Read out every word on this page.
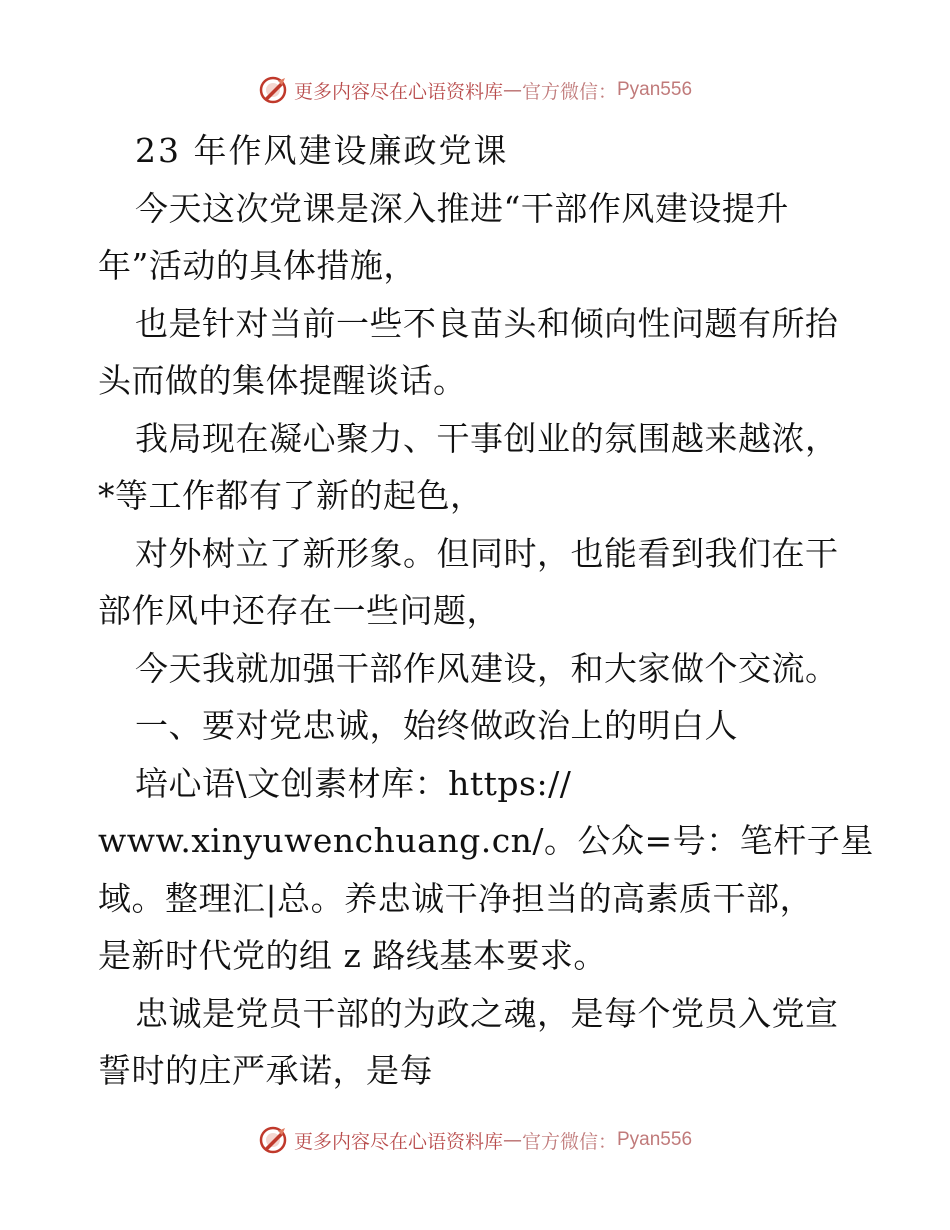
更多内容尽在心语资料库 — 官方微信： Pyan556
23 年作风建设廉政党课
今天这次党课是深入推进“干部作风建设提升
年”活动的具体措施，
也是针对当前一些不良苗头和倾向性问题有所抬
头而做的集体提醒谈话。
我局现在凝心聚力、干事创业的氛围越来越浓，
*等工作都有了新的起色，
对外树立了新形象。但同时，也能看到我们在干
部作风中还存在一些问题，
今天我就加强干部作风建设，和大家做个交流。
一、要对党忠诚，始终做政治上的明白人
培心语\文创素材库：https://
www.xinyuwenchuang.cn/。公众=号：笔杆子星
域。整理汇|总。养忠诚干净担当的高素质干部，
是新时代党的组 z 路线基本要求。
忠诚是党员干部的为政之魂，是每个党员入党宣
誓时的庄严承诺，是每
更多内容尽在心语资料库 — 官方微信： Pyan556
